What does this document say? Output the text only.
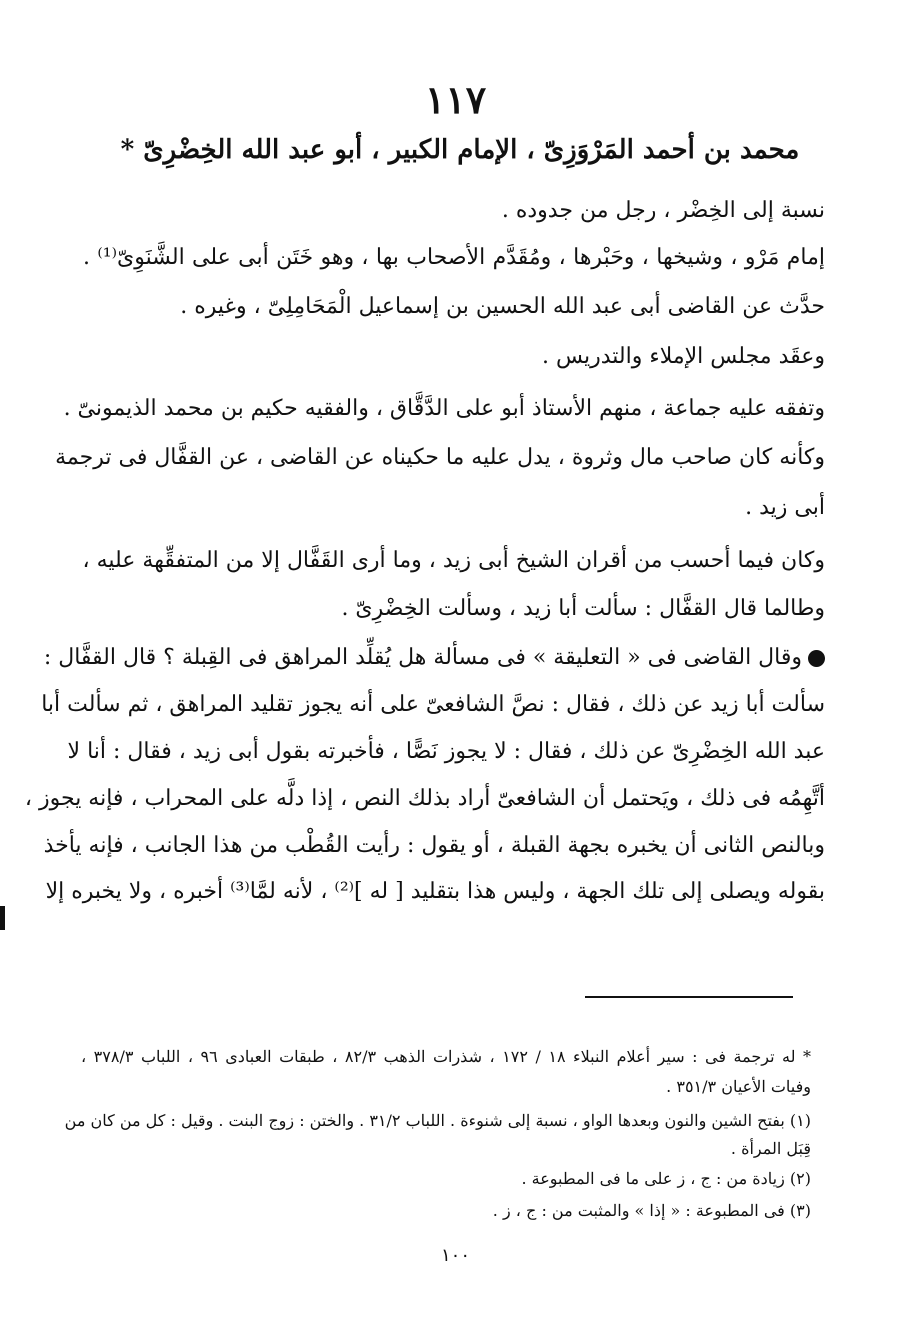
١١٧
محمد بن أحمد المَرْوَزِىّ ، الإمام الكبير ، أبو عبد الله الخِضْرِىّ *
نسبة إلى الخِضْر ، رجل من جدوده .
إمام مَرْو ، وشيخها ، وحَبْرها ، ومُقَدَّم الأصحاب بها ، وهو خَتَن أبى على الشَّنَوِىّ⁽¹⁾ .
حدَّث عن القاضى أبى عبد الله الحسين بن إسماعيل الْمَحَامِلِىّ ، وغيره .
وعقَد مجلس الإملاء والتدريس .
وتفقه عليه جماعة ، منهم الأستاذ أبو على الدَّقَّاق ، والفقيه حكيم بن محمد الذيمونىّ .
وكأنه كان صاحب مال وثروة ، يدل عليه ما حكيناه عن القاضى ، عن القفَّال فى ترجمة
أبى زيد .
وكان فيما أحسب من أقران الشيخ أبى زيد ، وما أرى القَفَّال إلا من المتفقِّهة عليه ،
وطالما قال القفَّال : سألت أبا زيد ، وسألت الخِضْرِىّ .
وقال القاضى فى « التعليقة » فى مسألة هل يُقلِّد المراهق فى القِبلة ؟ قال القفَّال :
سألت أبا زيد عن ذلك ، فقال : نصَّ الشافعىّ على أنه يجوز تقليد المراهق ، ثم سألت أبا
عبد الله الخِضْرِىّ عن ذلك ، فقال : لا يجوز نَصًّا ، فأخبرته بقول أبى زيد ، فقال : أنا لا
أتَّهِمُه فى ذلك ، ويَحتمل أن الشافعىّ أراد بذلك النص ، إذا دلَّه على المحراب ، فإنه يجوز ،
وبالنص الثانى أن يخبره بجهة القبلة ، أو يقول : رأيت القُطْب من هذا الجانب ، فإنه يأخذ
بقوله ويصلى إلى تلك الجهة ، وليس هذا بتقليد [ له ]⁽²⁾ ، لأنه لمَّا⁽³⁾ أخبره ، ولا يخبره إلا
* له ترجمة فى : سير أعلام النبلاء ١٨ / ١٧٢ ، شذرات الذهب ٨٢/٣ ، طبقات العبادى ٩٦ ، اللباب ٣٧٨/٣ ،
وفيات الأعيان ٣٥١/٣ .
(١) بفتح الشين والنون وبعدها الواو ، نسبة إلى شنوءة . اللباب ٣١/٢ . والختن : زوج البنت . وقيل : كل من كان من
قِبَل المرأة .
(٢) زيادة من : ج ، ز على ما فى المطبوعة .
(٣) فى المطبوعة : « إذا » والمثبت من : ج ، ز .
١٠٠
